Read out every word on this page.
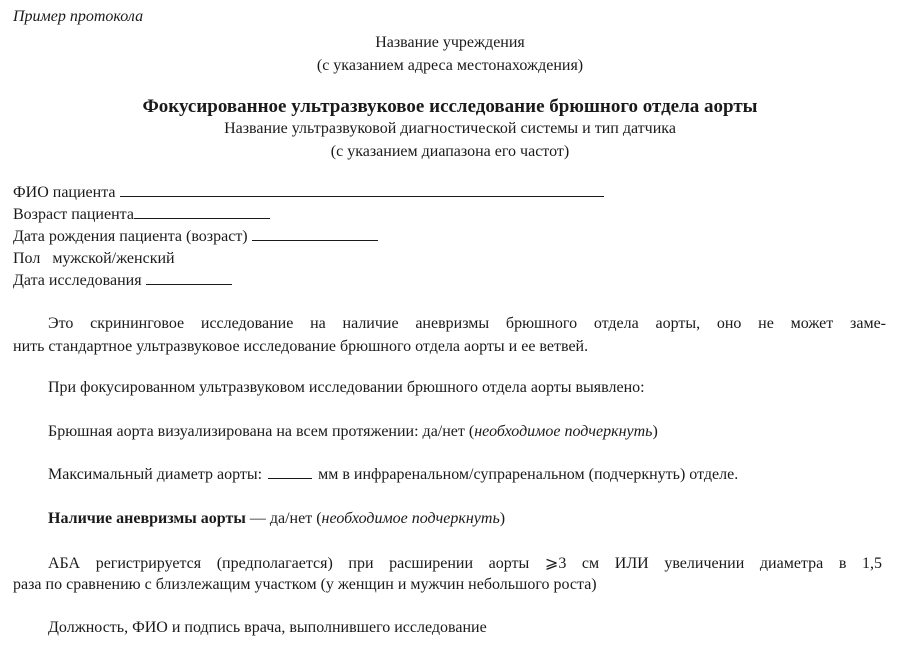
Пример протокола
Название учреждения
(с указанием адреса местонахождения)
Фокусированное ультразвуковое исследование брюшного отдела аорты
Название ультразвуковой диагностической системы и тип датчика
(с указанием диапазона его частот)
ФИО пациента
Возраст пациента
Дата рождения пациента (возраст)
Пол мужской/женский
Дата исследования
Это скрининговое исследование на наличие аневризмы брюшного отдела аорты, оно не может заме-
нить стандартное ультразвуковое исследование брюшного отдела аорты и ее ветвей.
При фокусированном ультразвуковом исследовании брюшного отдела аорты выявлено:
Брюшная аорта визуализирована на всем протяжении: да/нет (необходимое подчеркнуть)
Максимальный диаметр аорты:	мм в инфраренальном/супраренальном (подчеркнуть) отделе.
Наличие аневризмы аорты — да/нет (необходимое подчеркнуть)
АБА регистрируется (предполагается) при расширении аорты ⩾3 см ИЛИ увеличении диаметра в 1,5
раза по сравнению с близлежащим участком (у женщин и мужчин небольшого роста)
Должность, ФИО и подпись врача, выполнившего исследование
